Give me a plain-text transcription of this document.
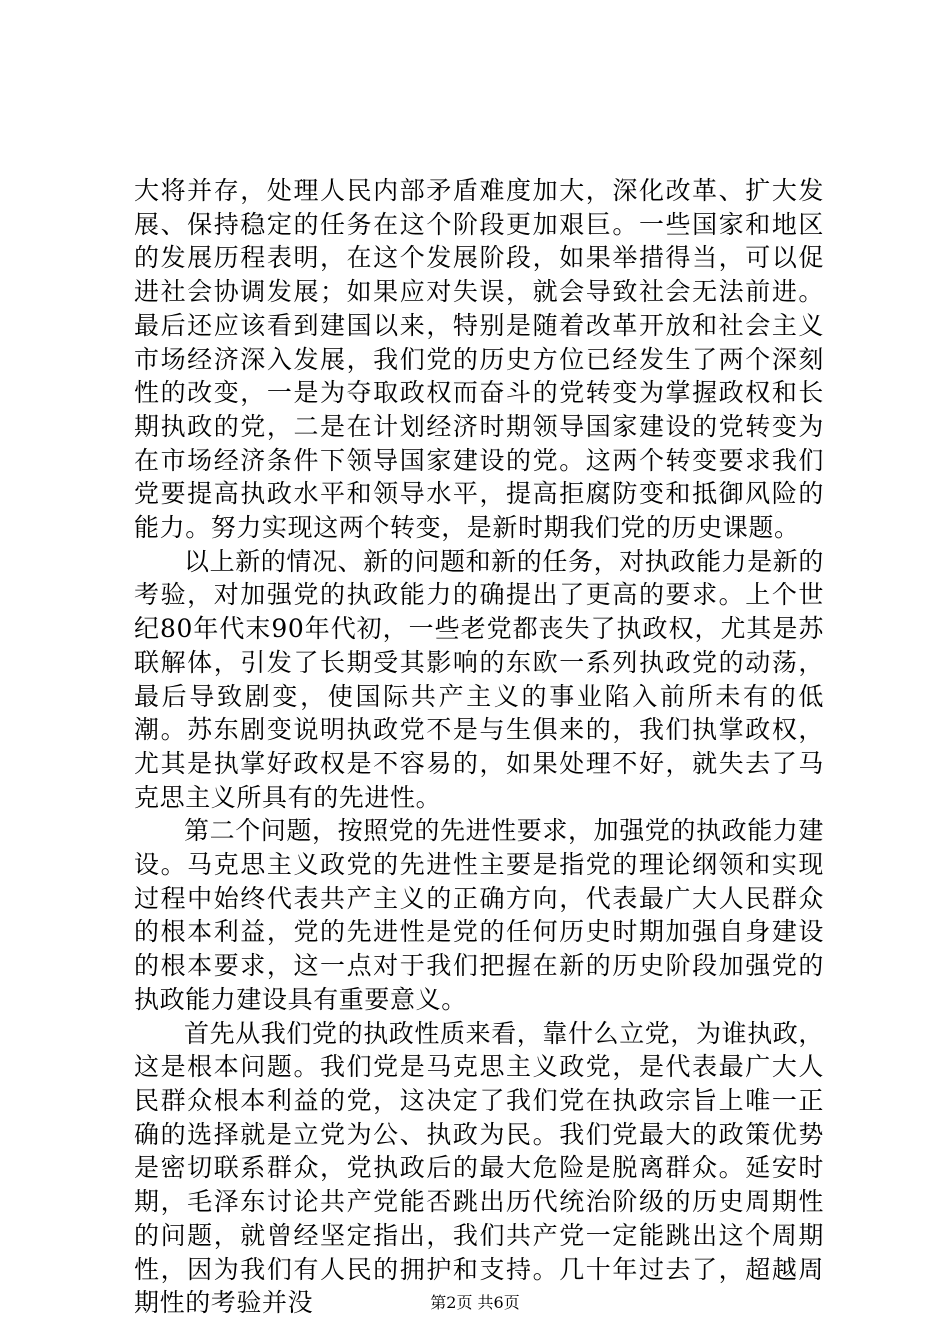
大将并存，处理人民内部矛盾难度加大，深化改革、扩大发展、保持稳定的任务在这个阶段更加艰巨。一些国家和地区的发展历程表明，在这个发展阶段，如果举措得当，可以促进社会协调发展；如果应对失误，就会导致社会无法前进。最后还应该看到建国以来，特别是随着改革开放和社会主义市场经济深入发展，我们党的历史方位已经发生了两个深刻性的改变，一是为夺取政权而奋斗的党转变为掌握政权和长期执政的党，二是在计划经济时期领导国家建设的党转变为在市场经济条件下领导国家建设的党。这两个转变要求我们党要提高执政水平和领导水平，提高拒腐防变和抵御风险的能力。努力实现这两个转变，是新时期我们党的历史课题。

以上新的情况、新的问题和新的任务，对执政能力是新的考验，对加强党的执政能力的确提出了更高的要求。上个世纪80年代末90年代初，一些老党都丧失了执政权，尤其是苏联解体，引发了长期受其影响的东欧一系列执政党的动荡，最后导致剧变，使国际共产主义的事业陷入前所未有的低潮。苏东剧变说明执政党不是与生俱来的，我们执掌政权，尤其是执掌好政权是不容易的，如果处理不好，就失去了马克思主义所具有的先进性。

第二个问题，按照党的先进性要求，加强党的执政能力建设。马克思主义政党的先进性主要是指党的理论纲领和实现过程中始终代表共产主义的正确方向，代表最广大人民群众的根本利益，党的先进性是党的任何历史时期加强自身建设的根本要求，这一点对于我们把握在新的历史阶段加强党的执政能力建设具有重要意义。

首先从我们党的执政性质来看，靠什么立党，为谁执政，这是根本问题。我们党是马克思主义政党，是代表最广大人民群众根本利益的党，这决定了我们党在执政宗旨上唯一正确的选择就是立党为公、执政为民。我们党最大的政策优势是密切联系群众，党执政后的最大危险是脱离群众。延安时期，毛泽东讨论共产党能否跳出历代统治阶级的历史周期性的问题，就曾经坚定指出，我们共产党一定能跳出这个周期性，因为我们有人民的拥护和支持。几十年过去了，超越周期性的考验并没	第2页 共6页
